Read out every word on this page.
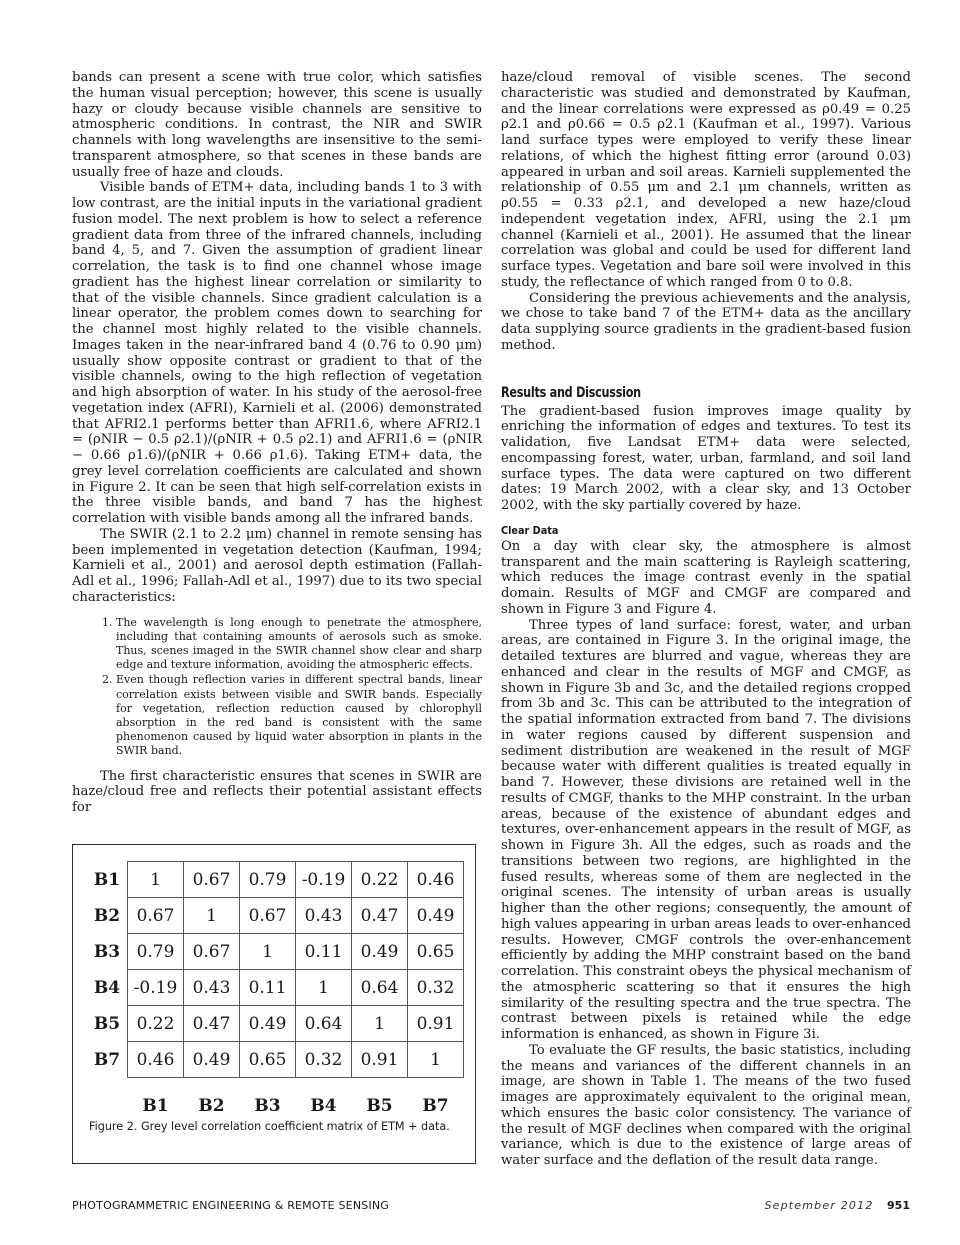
bands can present a scene with true color, which satisfies the human visual perception; however, this scene is usually hazy or cloudy because visible channels are sensitive to atmospheric conditions. In contrast, the NIR and SWIR channels with long wavelengths are insensitive to the semi-transparent atmosphere, so that scenes in these bands are usually free of haze and clouds.

Visible bands of ETM+ data, including bands 1 to 3 with low contrast, are the initial inputs in the variational gradient fusion model. The next problem is how to select a reference gradient data from three of the infrared channels, including band 4, 5, and 7. Given the assumption of gradient linear correlation, the task is to find one channel whose image gradient has the highest linear correlation or similarity to that of the visible channels. Since gradient calculation is a linear operator, the problem comes down to searching for the channel most highly related to the visible channels. Images taken in the near-infrared band 4 (0.76 to 0.90 μm) usually show opposite contrast or gradient to that of the visible channels, owing to the high reflection of vegetation and high absorption of water. In his study of the aerosol-free vegetation index (AFRI), Karnieli et al. (2006) demonstrated that AFRI2.1 performs better than AFRI1.6, where AFRI2.1 = (ρNIR − 0.5 ρ2.1)/(ρNIR + 0.5 ρ2.1) and AFRI1.6 = (ρNIR − 0.66 ρ1.6)/(ρNIR + 0.66 ρ1.6). Taking ETM+ data, the grey level correlation coefficients are calculated and shown in Figure 2. It can be seen that high self-correlation exists in the three visible bands, and band 7 has the highest correlation with visible bands among all the infrared bands.

The SWIR (2.1 to 2.2 μm) channel in remote sensing has been implemented in vegetation detection (Kaufman, 1994; Karnieli et al., 2001) and aerosol depth estimation (Fallah-Adl et al., 1996; Fallah-Adl et al., 1997) due to its two special characteristics:

1. The wavelength is long enough to penetrate the atmosphere, including that containing amounts of aerosols such as smoke. Thus, scenes imaged in the SWIR channel show clear and sharp edge and texture information, avoiding the atmospheric effects.
2. Even though reflection varies in different spectral bands, linear correlation exists between visible and SWIR bands. Especially for vegetation, reflection reduction caused by chlorophyll absorption in the red band is consistent with the same phenomenon caused by liquid water absorption in plants in the SWIR band.

The first characteristic ensures that scenes in SWIR are haze/cloud free and reflects their potential assistant effects for

B1	1	0.67	0.79	-0.19	0.22	0.46
B2	0.67	1	0.67	0.43	0.47	0.49
B3	0.79	0.67	1	0.11	0.49	0.65
B4	-0.19	0.43	0.11	1	0.64	0.32
B5	0.22	0.47	0.49	0.64	1	0.91
B7	0.46	0.49	0.65	0.32	0.91	1
	B1	B2	B3	B4	B5	B7
Figure 2. Grey level correlation coefficient matrix of ETM + data.

haze/cloud removal of visible scenes. The second characteristic was studied and demonstrated by Kaufman, and the linear correlations were expressed as ρ0.49 = 0.25 ρ2.1 and ρ0.66 = 0.5 ρ2.1 (Kaufman et al., 1997). Various land surface types were employed to verify these linear relations, of which the highest fitting error (around 0.03) appeared in urban and soil areas. Karnieli supplemented the relationship of 0.55 μm and 2.1 μm channels, written as ρ0.55 = 0.33 ρ2.1, and developed a new haze/cloud independent vegetation index, AFRI, using the 2.1 μm channel (Karnieli et al., 2001). He assumed that the linear correlation was global and could be used for different land surface types. Vegetation and bare soil were involved in this study, the reflectance of which ranged from 0 to 0.8.

Considering the previous achievements and the analysis, we chose to take band 7 of the ETM+ data as the ancillary data supplying source gradients in the gradient-based fusion method.

Results and Discussion

The gradient-based fusion improves image quality by enriching the information of edges and textures. To test its validation, five Landsat ETM+ data were selected, encompassing forest, water, urban, farmland, and soil land surface types. The data were captured on two different dates: 19 March 2002, with a clear sky, and 13 October 2002, with the sky partially covered by haze.

Clear Data

On a day with clear sky, the atmosphere is almost transparent and the main scattering is Rayleigh scattering, which reduces the image contrast evenly in the spatial domain. Results of MGF and CMGF are compared and shown in Figure 3 and Figure 4.

Three types of land surface: forest, water, and urban areas, are contained in Figure 3. In the original image, the detailed textures are blurred and vague, whereas they are enhanced and clear in the results of MGF and CMGF, as shown in Figure 3b and 3c, and the detailed regions cropped from 3b and 3c. This can be attributed to the integration of the spatial information extracted from band 7. The divisions in water regions caused by different suspension and sediment distribution are weakened in the result of MGF because water with different qualities is treated equally in band 7. However, these divisions are retained well in the results of CMGF, thanks to the MHP constraint. In the urban areas, because of the existence of abundant edges and textures, over-enhancement appears in the result of MGF, as shown in Figure 3h. All the edges, such as roads and the transitions between two regions, are highlighted in the fused results, whereas some of them are neglected in the original scenes. The intensity of urban areas is usually higher than the other regions; consequently, the amount of high values appearing in urban areas leads to over-enhanced results. However, CMGF controls the over-enhancement efficiently by adding the MHP constraint based on the band correlation. This constraint obeys the physical mechanism of the atmospheric scattering so that it ensures the high similarity of the resulting spectra and the true spectra. The contrast between pixels is retained while the edge information is enhanced, as shown in Figure 3i.

To evaluate the GF results, the basic statistics, including the means and variances of the different channels in an image, are shown in Table 1. The means of the two fused images are approximately equivalent to the original mean, which ensures the basic color consistency. The variance of the result of MGF declines when compared with the original variance, which is due to the existence of large areas of water surface and the deflation of the result data range.

PHOTOGRAMMETRIC ENGINEERING & REMOTE SENSING	September 2012 951
